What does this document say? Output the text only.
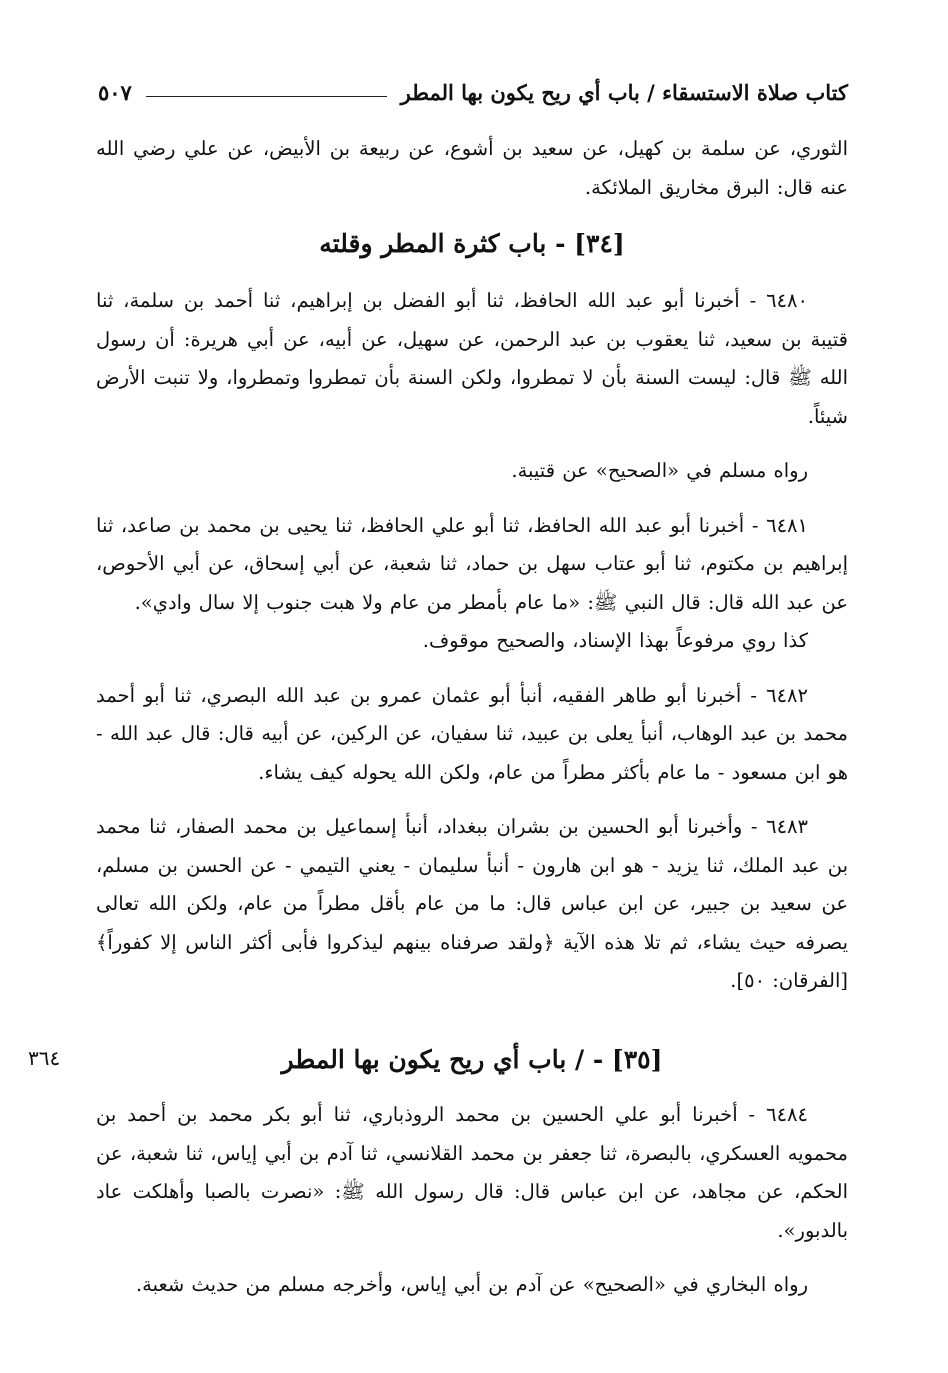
كتاب صلاة الاستسقاء / باب أي ريح يكون بها المطر
٥٠٧

الثوري، عن سلمة بن كهيل، عن سعيد بن أشوع، عن ربيعة بن الأبيض، عن علي رضي الله عنه قال: البرق مخاريق الملائكة.

[٣٤] - باب كثرة المطر وقلته

٦٤٨٠ - أخبرنا أبو عبد الله الحافظ، ثنا أبو الفضل بن إبراهيم، ثنا أحمد بن سلمة، ثنا قتيبة بن سعيد، ثنا يعقوب بن عبد الرحمن، عن سهيل، عن أبيه، عن أبي هريرة: أن رسول الله ﷺ قال: ليست السنة بأن لا تمطروا، ولكن السنة بأن تمطروا وتمطروا، ولا تنبت الأرض شيئاً.

رواه مسلم في «الصحيح» عن قتيبة.

٦٤٨١ - أخبرنا أبو عبد الله الحافظ، ثنا أبو علي الحافظ، ثنا يحيى بن محمد بن صاعد، ثنا إبراهيم بن مكتوم، ثنا أبو عتاب سهل بن حماد، ثنا شعبة، عن أبي إسحاق، عن أبي الأحوص، عن عبد الله قال: قال النبي ﷺ: «ما عام بأمطر من عام ولا هبت جنوب إلا سال وادي».

كذا روي مرفوعاً بهذا الإسناد، والصحيح موقوف.

٦٤٨٢ - أخبرنا أبو طاهر الفقيه، أنبأ أبو عثمان عمرو بن عبد الله البصري، ثنا أبو أحمد محمد بن عبد الوهاب، أنبأ يعلى بن عبيد، ثنا سفيان، عن الركين، عن أبيه قال: قال عبد الله - هو ابن مسعود - ما عام بأكثر مطراً من عام، ولكن الله يحوله كيف يشاء.

٦٤٨٣ - وأخبرنا أبو الحسين بن بشران ببغداد، أنبأ إسماعيل بن محمد الصفار، ثنا محمد بن عبد الملك، ثنا يزيد - هو ابن هارون - أنبأ سليمان - يعني التيمي - عن الحسن بن مسلم، عن سعيد بن جبير، عن ابن عباس قال: ما من عام بأقل مطراً من عام، ولكن الله تعالى يصرفه حيث يشاء، ثم تلا هذه الآية ﴿ولقد صرفناه بينهم ليذكروا فأبى أكثر الناس إلا كفوراً﴾ [الفرقان: ٥٠].

[٣٥] - / باب أي ريح يكون بها المطر
٣٦٤

٦٤٨٤ - أخبرنا أبو علي الحسين بن محمد الروذباري، ثنا أبو بكر محمد بن أحمد بن محمويه العسكري، بالبصرة، ثنا جعفر بن محمد القلانسي، ثنا آدم بن أبي إياس، ثنا شعبة، عن الحكم، عن مجاهد، عن ابن عباس قال: قال رسول الله ﷺ: «نصرت بالصبا وأهلكت عاد بالدبور».

رواه البخاري في «الصحيح» عن آدم بن أبي إياس، وأخرجه مسلم من حديث شعبة.
